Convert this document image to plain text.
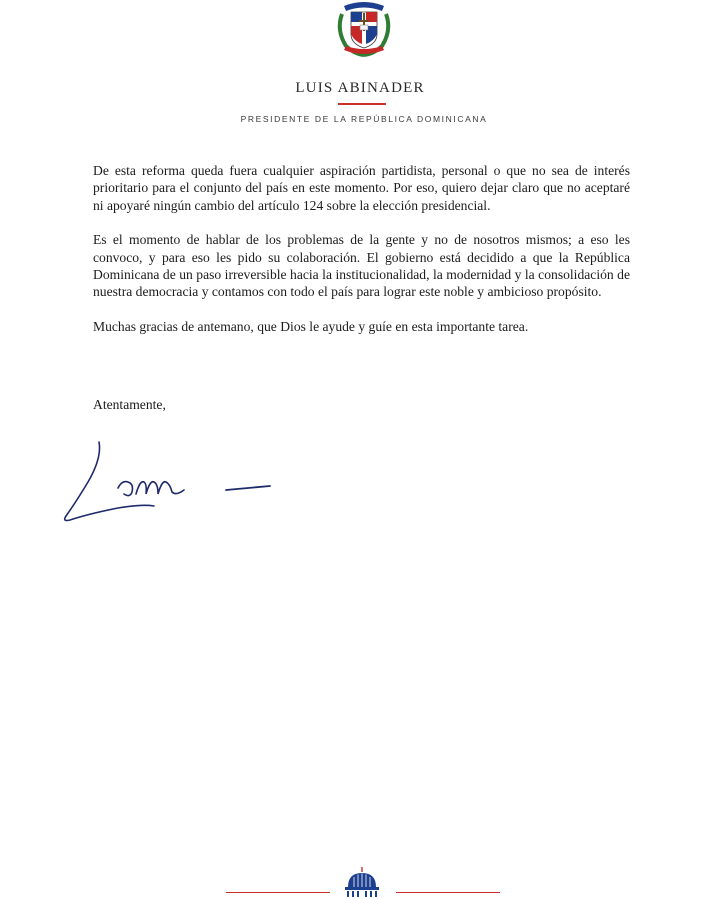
LUIS ABINADER
PRESIDENTE DE LA REPÚBLICA DOMINICANA

De esta reforma queda fuera cualquier aspiración partidista, personal o que no sea de interés prioritario para el conjunto del país en este momento. Por eso, quiero dejar claro que no aceptaré ni apoyaré ningún cambio del artículo 124 sobre la elección presidencial.

Es el momento de hablar de los problemas de la gente y no de nosotros mismos; a eso les convoco, y para eso les pido su colaboración. El gobierno está decidido a que la República Dominicana de un paso irreversible hacia la institucionalidad, la modernidad y la consolidación de nuestra democracia y contamos con todo el país para lograr este noble y ambicioso propósito.

Muchas gracias de antemano, que Dios le ayude y guíe en esta importante tarea.

Atentamente,
